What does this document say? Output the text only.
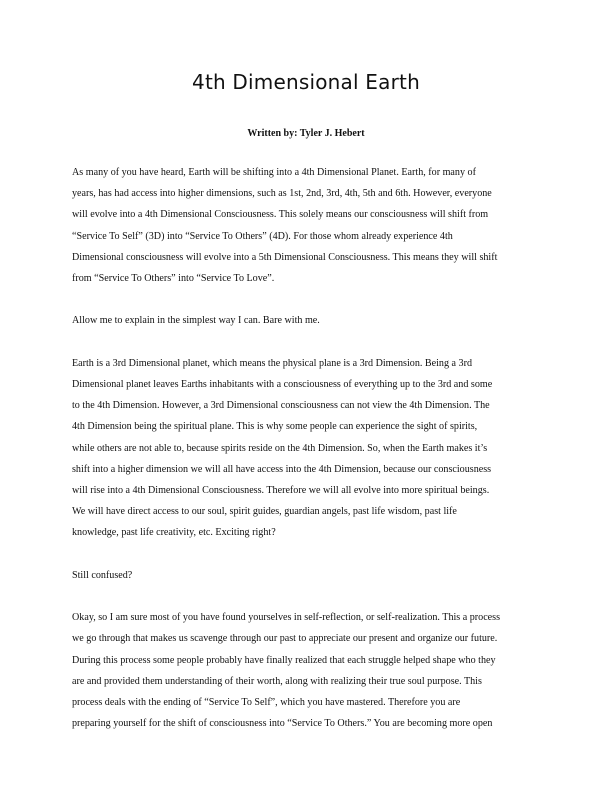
4th Dimensional Earth

Written by: Tyler J. Hebert

As many of you have heard, Earth will be shifting into a 4th Dimensional Planet. Earth, for many of
years, has had access into higher dimensions, such as 1st, 2nd, 3rd, 4th, 5th and 6th. However, everyone
will evolve into a 4th Dimensional Consciousness. This solely means our consciousness will shift from
“Service To Self” (3D) into “Service To Others” (4D). For those whom already experience 4th
Dimensional consciousness will evolve into a 5th Dimensional Consciousness. This means they will shift
from “Service To Others” into “Service To Love”.

Allow me to explain in the simplest way I can. Bare with me.

Earth is a 3rd Dimensional planet, which means the physical plane is a 3rd Dimension. Being a 3rd
Dimensional planet leaves Earths inhabitants with a consciousness of everything up to the 3rd and some
to the 4th Dimension. However, a 3rd Dimensional consciousness can not view the 4th Dimension. The
4th Dimension being the spiritual plane. This is why some people can experience the sight of spirits,
while others are not able to, because spirits reside on the 4th Dimension. So, when the Earth makes it’s
shift into a higher dimension we will all have access into the 4th Dimension, because our consciousness
will rise into a 4th Dimensional Consciousness. Therefore we will all evolve into more spiritual beings.
We will have direct access to our soul, spirit guides, guardian angels, past life wisdom, past life
knowledge, past life creativity, etc. Exciting right?

Still confused?

Okay, so I am sure most of you have found yourselves in self-reflection, or self-realization. This a process
we go through that makes us scavenge through our past to appreciate our present and organize our future.
During this process some people probably have finally realized that each struggle helped shape who they
are and provided them understanding of their worth, along with realizing their true soul purpose. This
process deals with the ending of “Service To Self”, which you have mastered. Therefore you are
preparing yourself for the shift of consciousness into “Service To Others.” You are becoming more open
